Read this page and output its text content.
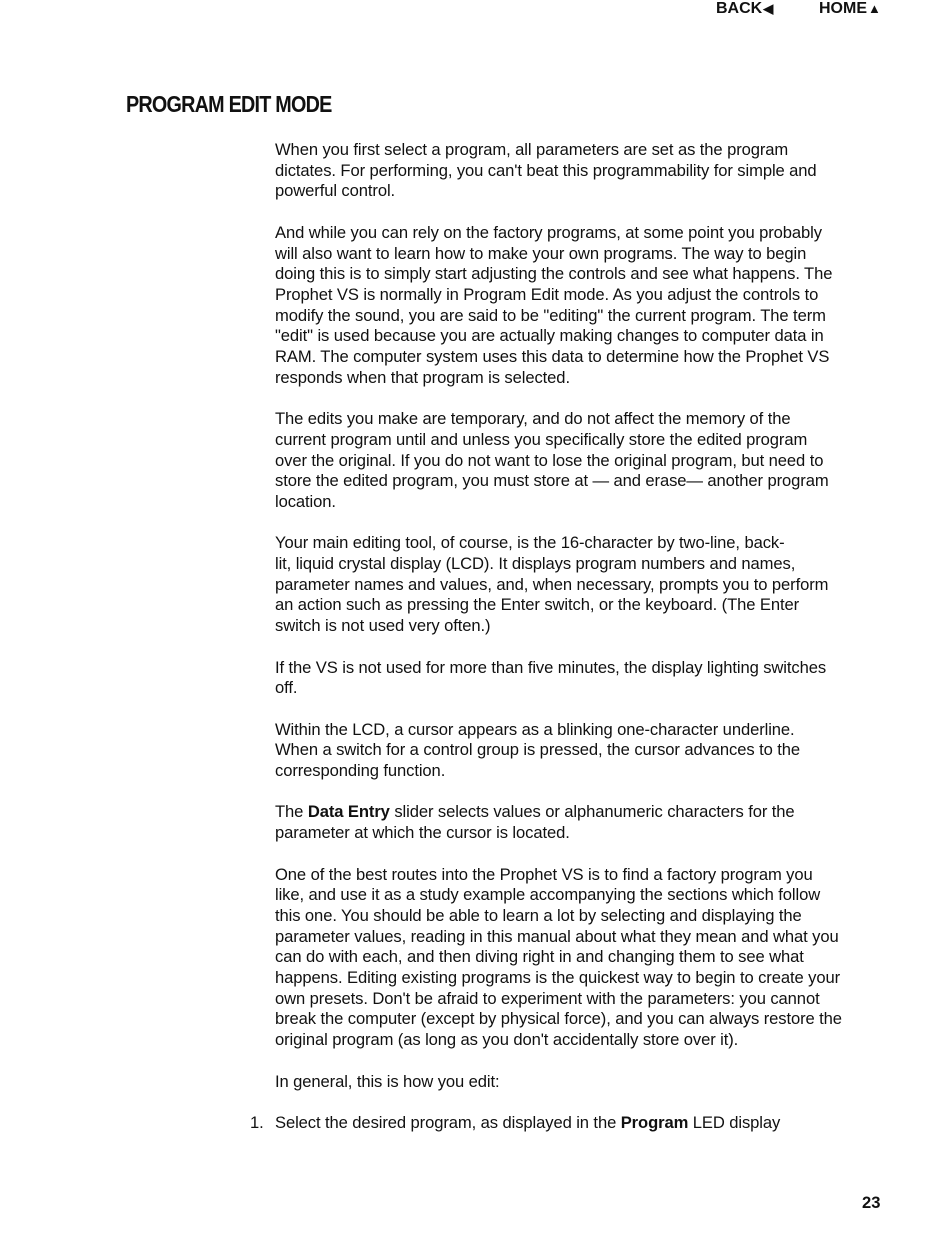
BACK◀	HOME▲
PROGRAM EDIT MODE

When you first select a program, all parameters are set as the program
dictates. For performing, you can't beat this programmability for simple and
powerful control.

And while you can rely on the factory programs, at some point you probably
will also want to learn how to make your own programs. The way to begin
doing this is to simply start adjusting the controls and see what happens. The
Prophet VS is normally in Program Edit mode. As you adjust the controls to
modify the sound, you are said to be "editing" the current program. The term
"edit" is used because you are actually making changes to computer data in
RAM. The computer system uses this data to determine how the Prophet VS
responds when that program is selected.

The edits you make are temporary, and do not affect the memory of the
current program until and unless you specifically store the edited program
over the original. If you do not want to lose the original program, but need to
store the edited program, you must store at — and erase— another program
location.

Your main editing tool, of course, is the 16-character by two-line, back-
lit, liquid crystal display (LCD). It displays program numbers and names,
parameter names and values, and, when necessary, prompts you to perform
an action such as pressing the Enter switch, or the keyboard. (The Enter
switch is not used very often.)

If the VS is not used for more than five minutes, the display lighting switches
off.

Within the LCD, a cursor appears as a blinking one-character underline.
When a switch for a control group is pressed, the cursor advances to the
corresponding function.

The Data Entry slider selects values or alphanumeric characters for the
parameter at which the cursor is located.

One of the best routes into the Prophet VS is to find a factory program you
like, and use it as a study example accompanying the sections which follow
this one. You should be able to learn a lot by selecting and displaying the
parameter values, reading in this manual about what they mean and what you
can do with each, and then diving right in and changing them to see what
happens. Editing existing programs is the quickest way to begin to create your
own presets. Don't be afraid to experiment with the parameters: you cannot
break the computer (except by physical force), and you can always restore the
original program (as long as you don't accidentally store over it).

In general, this is how you edit:

1. Select the desired program, as displayed in the Program LED display

23
